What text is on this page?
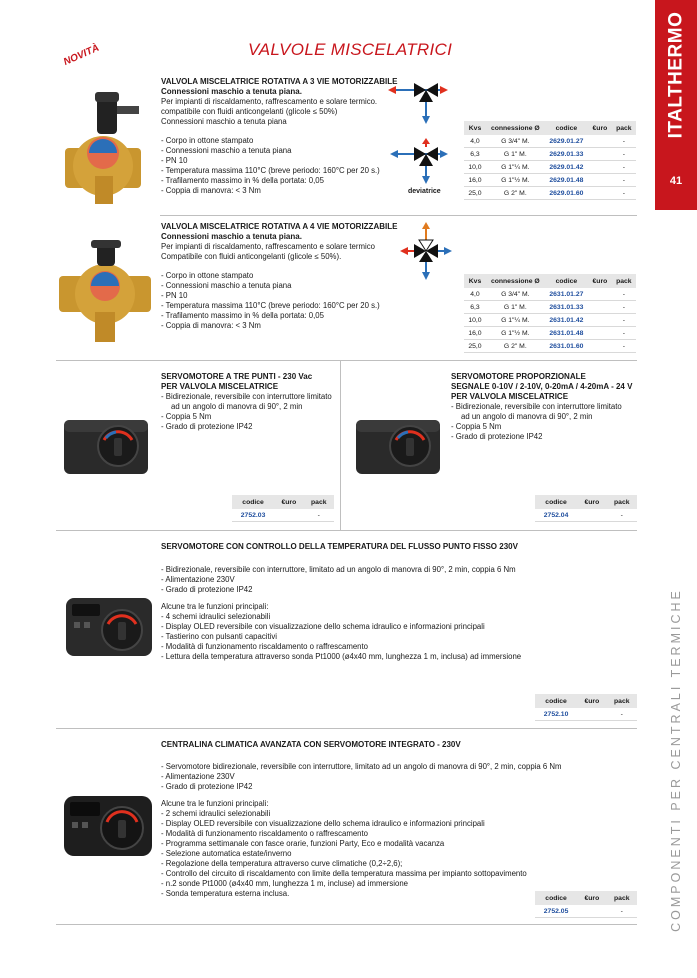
VALVOLE MISCELATRICI
NOVITÀ	ITALTHERMO
41
COMPONENTI PER CENTRALI TERMICHE
VALVOLA MISCELATRICE ROTATIVA A 3 VIE MOTORIZZABILE
Connessioni maschio a tenuta piana.
Per impianti di riscaldamento, raffrescamento e solare termico.
compatibile con fluidi anticongelanti (glicole ≤ 50%)
Connessioni maschio a tenuta piana
- Corpo in ottone stampato
- Connessioni maschio a tenuta piana
- PN 10
- Temperatura massima 110°C (breve periodo: 160°C per 20 s.)
- Trafilamento massimo in % della portata: 0,05
- Coppia di manovra: < 3 Nm	deviatrice
Kvs	connessione Ø	codice	€uro	pack
4,0	G 3/4" M.	2629.01.27		-
6,3	G 1" M.	2629.01.33		-
10,0	G 1"¼ M.	2629.01.42		-
16,0	G 1"½ M.	2629.01.48		-
25,0	G 2" M.	2629.01.60		-
VALVOLA MISCELATRICE ROTATIVA A 4 VIE MOTORIZZABILE
Connessioni maschio a tenuta piana.
Per impianti di riscaldamento, raffrescamento e solare termico
Compatibile con fluidi anticongelanti (glicole ≤ 50%).
- Corpo in ottone stampato
- Connessioni maschio a tenuta piana
- PN 10
- Temperatura massima 110°C (breve periodo: 160°C per 20 s.)
- Trafilamento massimo in % della portata: 0,05
- Coppia di manovra: < 3 Nm
Kvs	connessione Ø	codice	€uro	pack
4,0	G 3/4" M.	2631.01.27		-
6,3	G 1" M.	2631.01.33		-
10,0	G 1"¼ M.	2631.01.42		-
16,0	G 1"½ M.	2631.01.48		-
25,0	G 2" M.	2631.01.60		-
SERVOMOTORE A TRE PUNTI - 230 Vac
PER VALVOLA MISCELATRICE
- Bidirezionale, reversibile con interruttore limitato
ad un angolo di manovra di 90°, 2 min
- Coppia 5 Nm
- Grado di protezione IP42
codice	€uro	pack
2752.03		-
SERVOMOTORE PROPORZIONALE
SEGNALE 0-10V / 2-10V, 0-20mA / 4-20mA - 24 V
PER VALVOLA MISCELATRICE
- Bidirezionale, reversibile con interruttore limitato
ad un angolo di manovra di 90°, 2 min
- Coppia 5 Nm
- Grado di protezione IP42
codice	€uro	pack
2752.04		-
SERVOMOTORE CON CONTROLLO DELLA TEMPERATURA DEL FLUSSO PUNTO FISSO 230V
- Bidirezionale, reversibile con interruttore, limitato ad un angolo di manovra di 90°, 2 min, coppia 6 Nm
- Alimentazione 230V
- Grado di protezione IP42
Alcune tra le funzioni principali:
- 4 schemi idraulici selezionabili
- Display OLED reversibile con visualizzazione dello schema idraulico e informazioni principali
- Tastierino con pulsanti capacitivi
- Modalità di funzionamento riscaldamento o raffrescamento
- Lettura della temperatura attraverso sonda Pt1000 (ø4x40 mm, lunghezza 1 m, inclusa) ad immersione
codice	€uro	pack
2752.10		-
CENTRALINA CLIMATICA AVANZATA CON SERVOMOTORE INTEGRATO - 230V
- Servomotore bidirezionale, reversibile con interruttore, limitato ad un angolo di manovra di 90°, 2 min, coppia 6 Nm
- Alimentazione 230V
- Grado di protezione IP42
Alcune tra le funzioni principali:
- 2 schemi idraulici selezionabili
- Display OLED reversibile con visualizzazione dello schema idraulico e informazioni principali
- Modalità di funzionamento riscaldamento o raffrescamento
- Programma settimanale con fasce orarie, funzioni Party, Eco e modalità vacanza
- Selezione automatica estate/inverno
- Regolazione della temperatura attraverso curve climatiche (0,2÷2,6);
- Controllo del circuito di riscaldamento con limite della temperatura massima per impianto sottopavimento
- n.2 sonde Pt1000 (ø4x40 mm, lunghezza 1 m, incluse) ad immersione
- Sonda temperatura esterna inclusa.	codice	€uro	pack
2752.05		-
